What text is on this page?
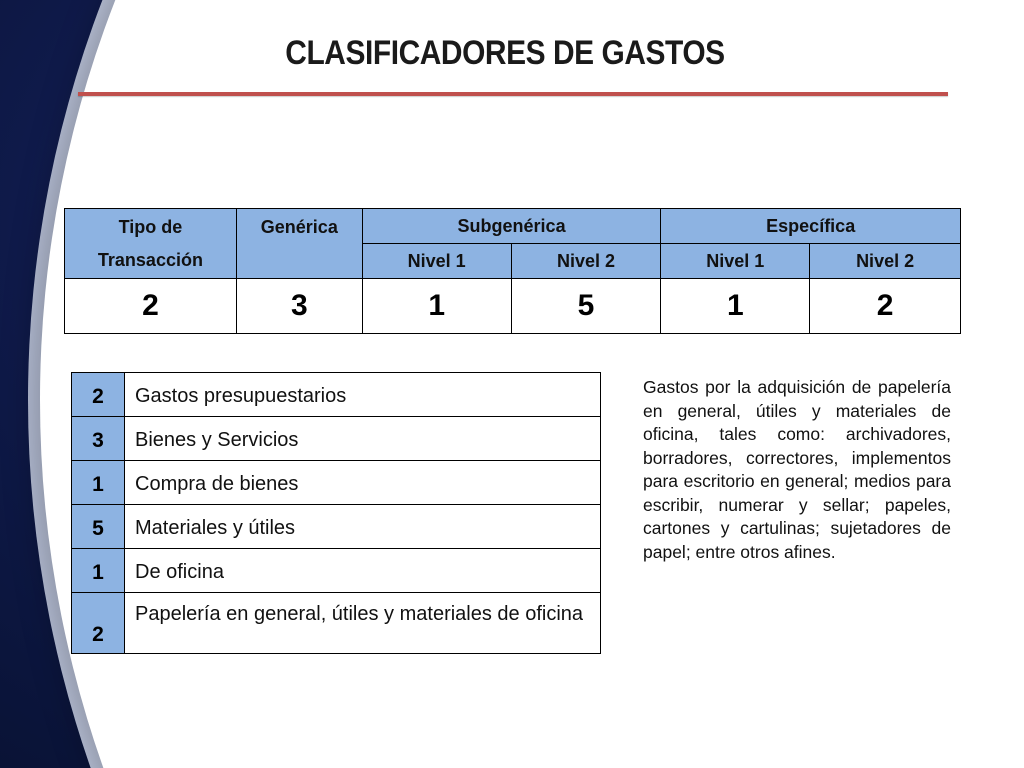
CLASIFICADORES DE GASTOS
Tipo de
Transacción	Genérica	Subgenérica		Específica	
		Nivel 1	Nivel 2	Nivel 1	Nivel 2
2	3	1	5	1	2
2	Gastos presupuestarios
3	Bienes y Servicios
1	Compra de bienes
5	Materiales y útiles
1	De oficina
2	Papelería en general, útiles y materiales de oficina
Gastos por la adquisición de papelería en general, útiles y materiales de oficina, tales como: archivadores, borradores, correctores, implementos para escritorio en general; medios para escribir, numerar y sellar; papeles, cartones y cartulinas; sujetadores de papel; entre otros afines.
